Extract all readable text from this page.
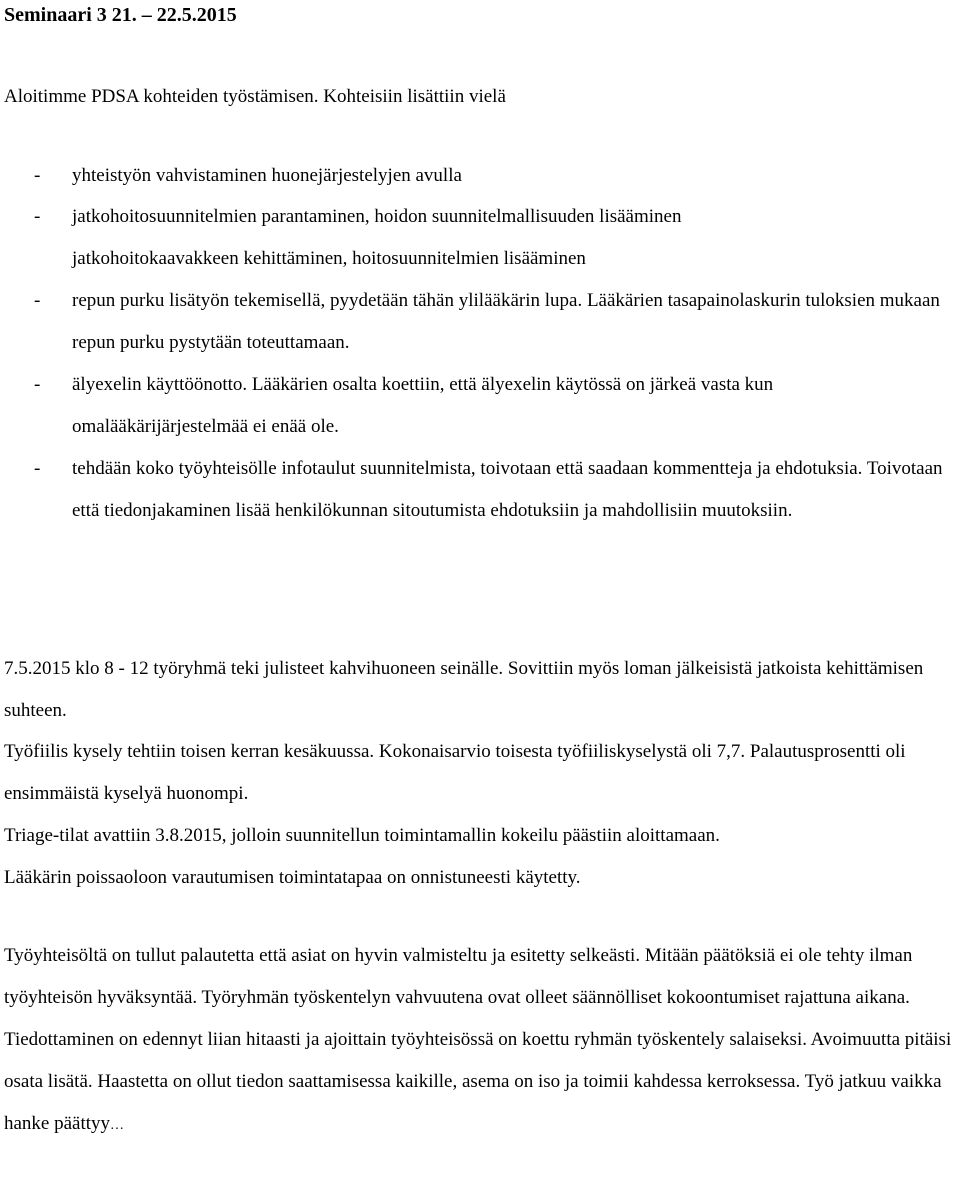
Seminaari 3 21. – 22.5.2015
Aloitimme PDSA kohteiden työstämisen. Kohteisiin lisättiin vielä
- yhteistyön vahvistaminen huonejärjestelyjen avulla
- jatkohoitosuunnitelmien parantaminen, hoidon suunnitelmallisuuden lisääminen
jatkohoitokaavakkeen kehittäminen, hoitosuunnitelmien lisääminen
- repun purku lisätyön tekemisellä, pyydetään tähän ylilääkärin lupa. Lääkärien tasapainolaskurin tuloksien mukaan repun purku pystytään toteuttamaan.
- älyexelin käyttöönotto. Lääkärien osalta koettiin, että älyexelin käytössä on järkeä vasta kun omalääkärijärjestelmää ei enää ole.
- tehdään koko työyhteisölle infotaulut suunnitelmista, toivotaan että saadaan kommentteja ja ehdotuksia. Toivotaan että tiedonjakaminen lisää henkilökunnan sitoutumista ehdotuksiin ja mahdollisiin muutoksiin.
7.5.2015 klo 8 - 12 työryhmä teki julisteet kahvihuoneen seinälle. Sovittiin myös loman jälkeisistä jatkoista kehittämisen suhteen.
Työfiilis kysely tehtiin toisen kerran kesäkuussa. Kokonaisarvio toisesta työfiiliskyselystä oli 7,7. Palautusprosentti oli ensimmäistä kyselyä huonompi.
Triage-tilat avattiin 3.8.2015, jolloin suunnitellun toimintamallin kokeilu päästiin aloittamaan.
Lääkärin poissaoloon varautumisen toimintatapaa on onnistuneesti käytetty.
Työyhteisöltä on tullut palautetta että asiat on hyvin valmisteltu ja esitetty selkeästi. Mitään päätöksiä ei ole tehty ilman työyhteisön hyväksyntää. Työryhmän työskentelyn vahvuutena ovat olleet säännölliset kokoontumiset rajattuna aikana. Tiedottaminen on edennyt liian hitaasti ja ajoittain työyhteisössä on koettu ryhmän työskentely salaiseksi. Avoimuutta pitäisi osata lisätä. Haastetta on ollut tiedon saattamisessa kaikille, asema on iso ja toimii kahdessa kerroksessa. Työ jatkuu vaikka hanke päättyy…
